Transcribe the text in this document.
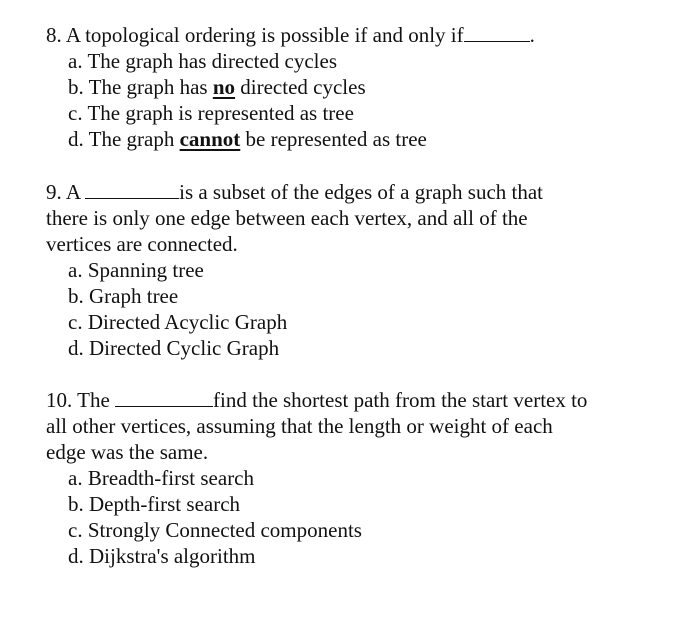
8. A topological ordering is possible if and only if	.

a. The graph has directed cycles
b. The graph has no directed cycles
c. The graph is represented as tree
d. The graph cannot be represented as tree

9. A	is a subset of the edges of a graph such that
there is only one edge between each vertex, and all of the
vertices are connected.

a. Spanning tree
b. Graph tree
c. Directed Acyclic Graph
d. Directed Cyclic Graph

10. The	find the shortest path from the start vertex to
all other vertices, assuming that the length or weight of each
edge was the same.

a. Breadth-first search
b. Depth-first search
c. Strongly Connected components
d. Dijkstra's algorithm
